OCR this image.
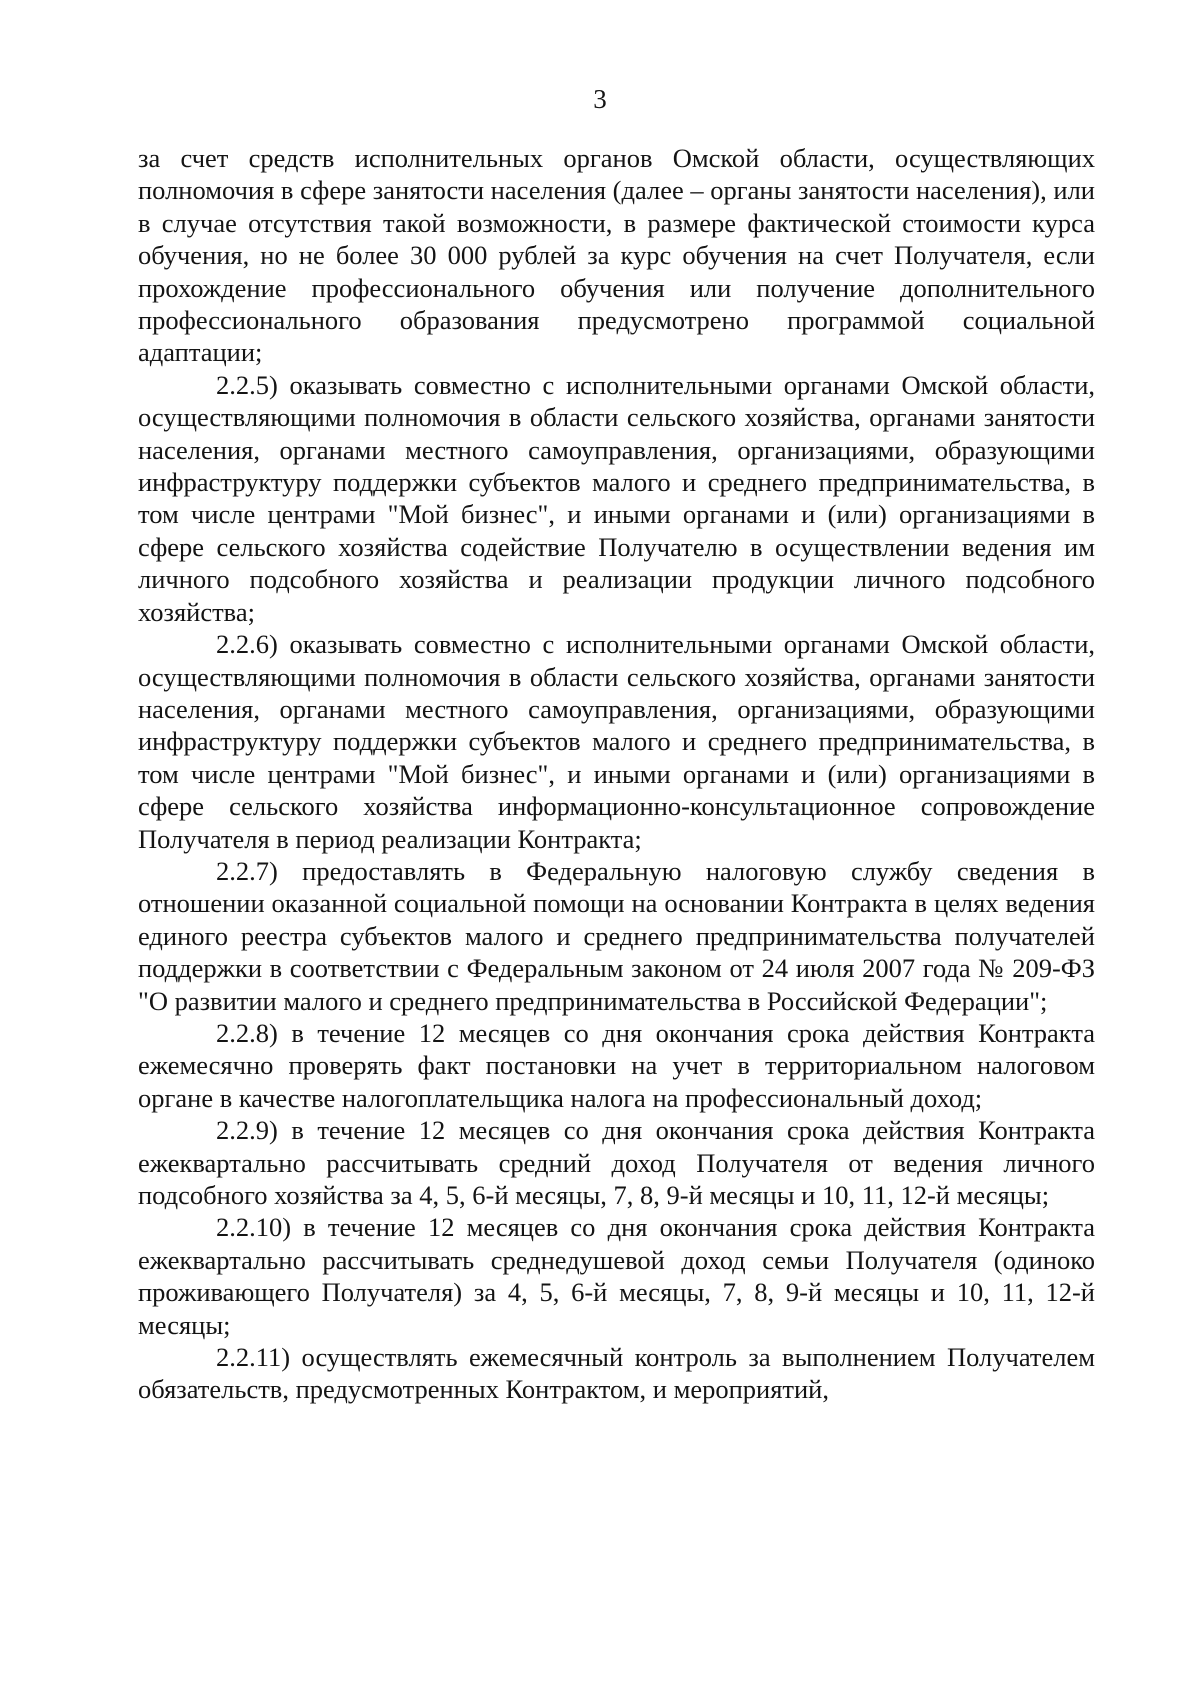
3

за счет средств исполнительных органов Омской области, осуществляющих полномочия в сфере занятости населения (далее – органы занятости населения), или в случае отсутствия такой возможности, в размере фактической стоимости курса обучения, но не более 30 000 рублей за курс обучения на счет Получателя, если прохождение профессионального обучения или получение дополнительного профессионального образования предусмотрено программой социальной адаптации;

2.2.5) оказывать совместно с исполнительными органами Омской области, осуществляющими полномочия в области сельского хозяйства, органами занятости населения, органами местного самоуправления, организациями, образующими инфраструктуру поддержки субъектов малого и среднего предпринимательства, в том числе центрами "Мой бизнес", и иными органами и (или) организациями в сфере сельского хозяйства содействие Получателю в осуществлении ведения им личного подсобного хозяйства и реализации продукции личного подсобного хозяйства;

2.2.6) оказывать совместно с исполнительными органами Омской области, осуществляющими полномочия в области сельского хозяйства, органами занятости населения, органами местного самоуправления, организациями, образующими инфраструктуру поддержки субъектов малого и среднего предпринимательства, в том числе центрами "Мой бизнес", и иными органами и (или) организациями в сфере сельского хозяйства информационно-консультационное сопровождение Получателя в период реализации Контракта;

2.2.7) предоставлять в Федеральную налоговую службу сведения в отношении оказанной социальной помощи на основании Контракта в целях ведения единого реестра субъектов малого и среднего предпринимательства получателей поддержки в соответствии с Федеральным законом от 24 июля 2007 года № 209-ФЗ "О развитии малого и среднего предпринимательства в Российской Федерации";

2.2.8) в течение 12 месяцев со дня окончания срока действия Контракта ежемесячно проверять факт постановки на учет в территориальном налоговом органе в качестве налогоплательщика налога на профессиональный доход;

2.2.9) в течение 12 месяцев со дня окончания срока действия Контракта ежеквартально рассчитывать средний доход Получателя от ведения личного подсобного хозяйства за 4, 5, 6-й месяцы, 7, 8, 9-й месяцы и 10, 11, 12-й месяцы;

2.2.10) в течение 12 месяцев со дня окончания срока действия Контракта ежеквартально рассчитывать среднедушевой доход семьи Получателя (одиноко проживающего Получателя) за 4, 5, 6-й месяцы, 7, 8, 9-й месяцы и 10, 11, 12-й месяцы;

2.2.11) осуществлять ежемесячный контроль за выполнением Получателем обязательств, предусмотренных Контрактом, и мероприятий,
